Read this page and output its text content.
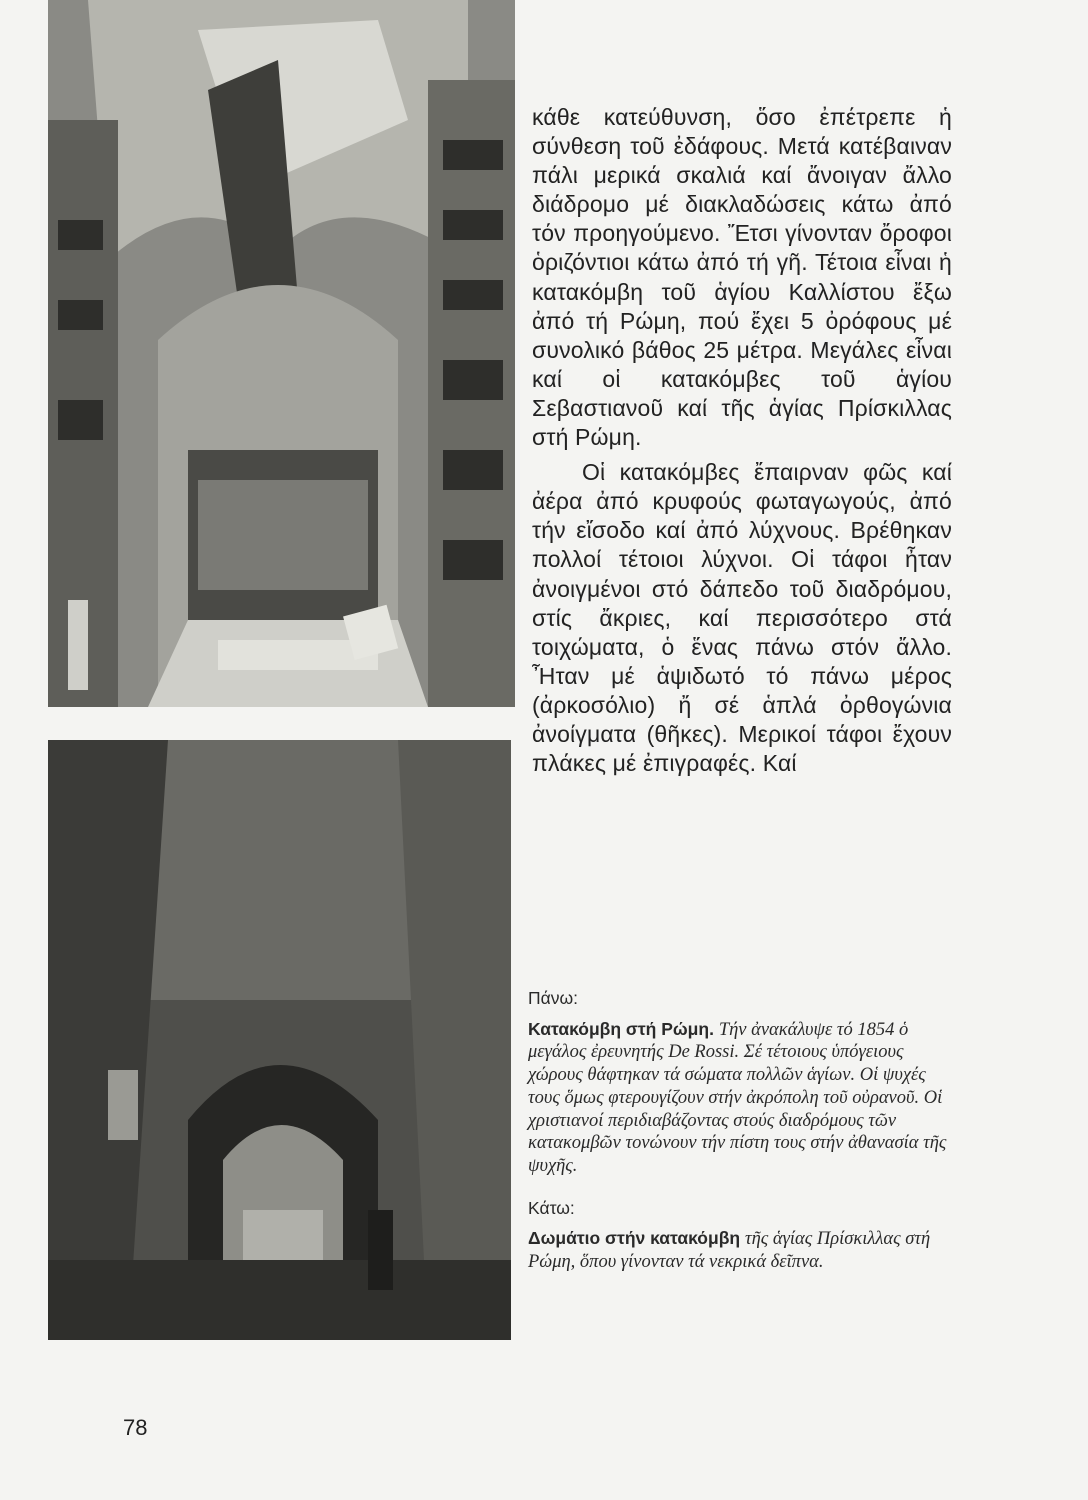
κάθε κατεύθυνση, ὅσο ἐπέτρεπε ἡ σύνθεση τοῦ ἐδάφους. Μετά κατέβαιναν πάλι μερικά σκαλιά καί ἄνοιγαν ἄλλο διάδρομο μέ διακλαδώσεις κάτω ἀπό τόν προηγούμενο. Ἔτσι γίνονταν ὄροφοι ὁριζόντιοι κάτω ἀπό τή γῆ. Τέτοια εἶναι ἡ κατακόμβη τοῦ ἁγίου Καλλίστου ἔξω ἀπό τή Ρώμη, πού ἔχει 5 ὀρόφους μέ συνολικό βάθος 25 μέτρα. Μεγάλες εἶναι καί οἱ κατακόμβες τοῦ ἁγίου Σεβαστιανοῦ καί τῆς ἁγίας Πρίσκιλλας στή Ρώμη.

Οἱ κατακόμβες ἔπαιρναν φῶς καί ἀέρα ἀπό κρυφούς φωταγωγούς, ἀπό τήν εἴσοδο καί ἀπό λύχνους. Βρέθηκαν πολλοί τέτοιοι λύχνοι. Οἱ τάφοι ἦταν ἀνοιγμένοι στό δάπεδο τοῦ διαδρόμου, στίς ἄκριες, καί περισσότερο στά τοιχώματα, ὁ ἕνας πάνω στόν ἄλλο. Ἦταν μέ ἁψιδωτό τό πάνω μέρος (ἀρκοσόλιο) ἤ σέ ἁπλά ὀρθογώνια ἀνοίγματα (θῆκες). Μερικοί τάφοι ἔχουν πλάκες μέ ἐπιγραφές. Καί

Πάνω:

Κατακόμβη στή Ρώμη. Τήν ἀνακάλυψε τό 1854 ὁ μεγάλος ἐρευνητής De Rossi. Σέ τέτοιους ὑπόγειους χώρους θάφτηκαν τά σώματα πολλῶν ἁγίων. Οἱ ψυχές τους ὅμως φτερουγίζουν στήν ἀκρόπολη τοῦ οὐρανοῦ. Οἱ χριστιανοί περιδιαβάζοντας στούς διαδρόμους τῶν κατακομβῶν τονώνουν τήν πίστη τους στήν ἀθανασία τῆς ψυχῆς.

Κάτω:

Δωμάτιο στήν κατακόμβη τῆς ἁγίας Πρίσκιλλας στή Ρώμη, ὅπου γίνονταν τά νεκρικά δεῖπνα.

78
